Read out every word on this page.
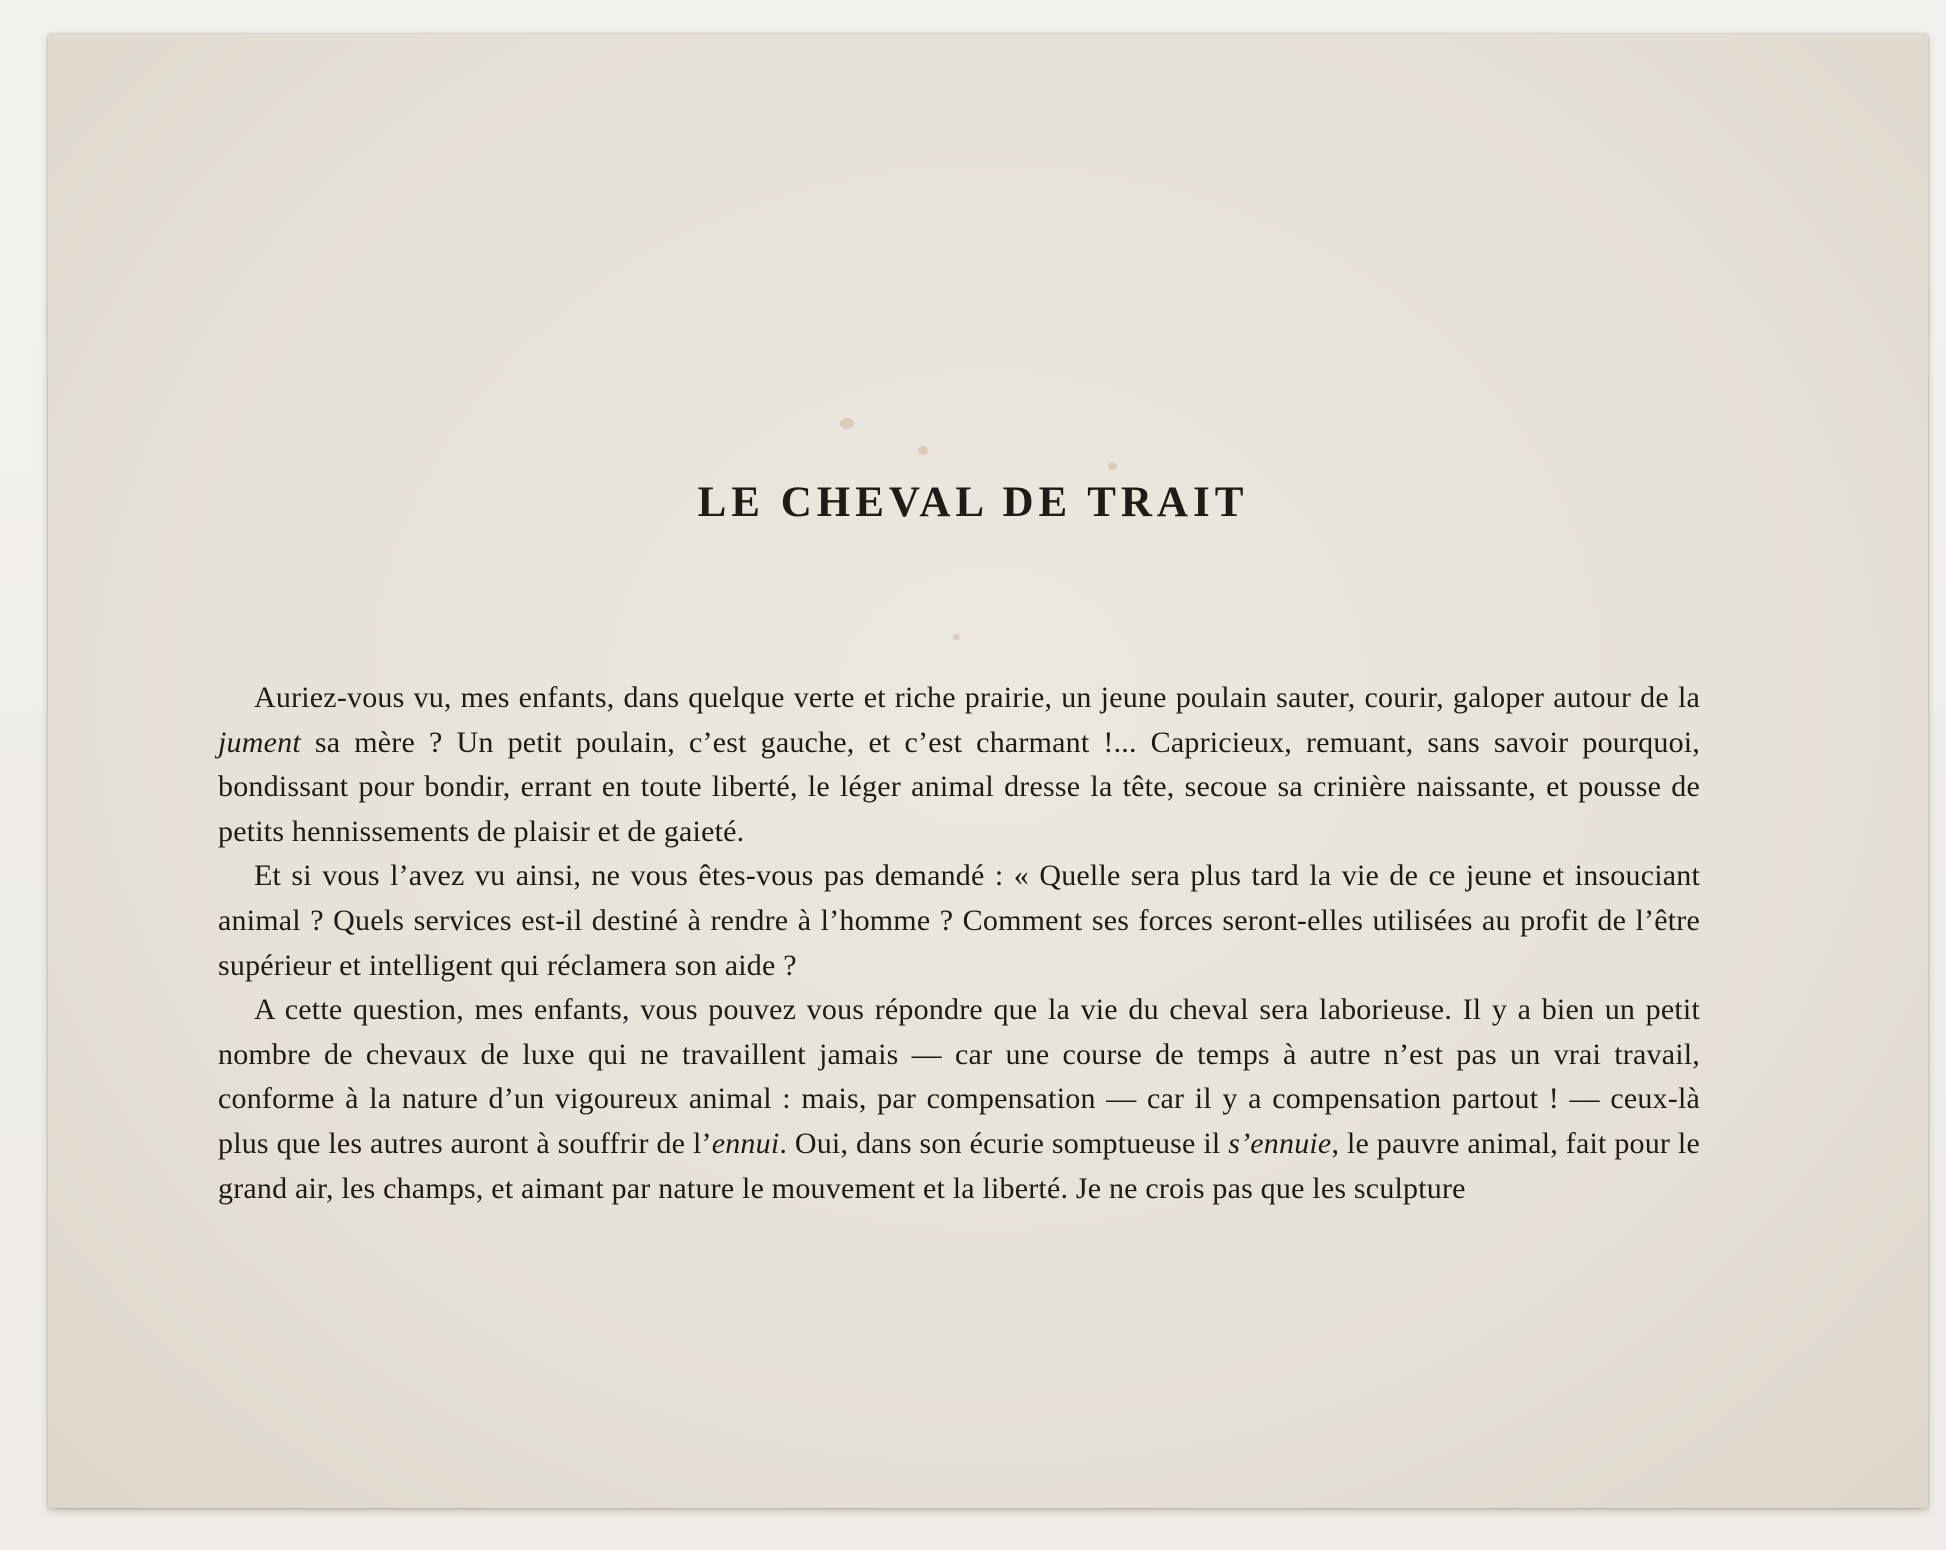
LE CHEVAL DE TRAIT

Auriez-vous vu, mes enfants, dans quelque verte et riche prairie, un jeune poulain sauter, courir, galoper autour de la jument sa mère ? Un petit poulain, c’est gauche, et c’est charmant !... Capricieux, remuant, sans savoir pourquoi, bondissant pour bondir, errant en toute liberté, le léger animal dresse la tête, secoue sa crinière naissante, et pousse de petits hennissements de plaisir et de gaieté.

Et si vous l’avez vu ainsi, ne vous êtes-vous pas demandé : « Quelle sera plus tard la vie de ce jeune et insouciant animal ? Quels services est-il destiné à rendre à l’homme ? Comment ses forces seront-elles utilisées au profit de l’être supérieur et intelligent qui réclamera son aide ?

A cette question, mes enfants, vous pouvez vous répondre que la vie du cheval sera laborieuse. Il y a bien un petit nombre de chevaux de luxe qui ne travaillent jamais — car une course de temps à autre n’est pas un vrai travail, conforme à la nature d’un vigoureux animal : mais, par compensation — car il y a compensation partout ! — ceux-là plus que les autres auront à souffrir de l’ennui. Oui, dans son écurie somptueuse il s’ennuie, le pauvre animal, fait pour le grand air, les champs, et aimant par nature le mouvement et la liberté. Je ne crois pas que les sculpture
